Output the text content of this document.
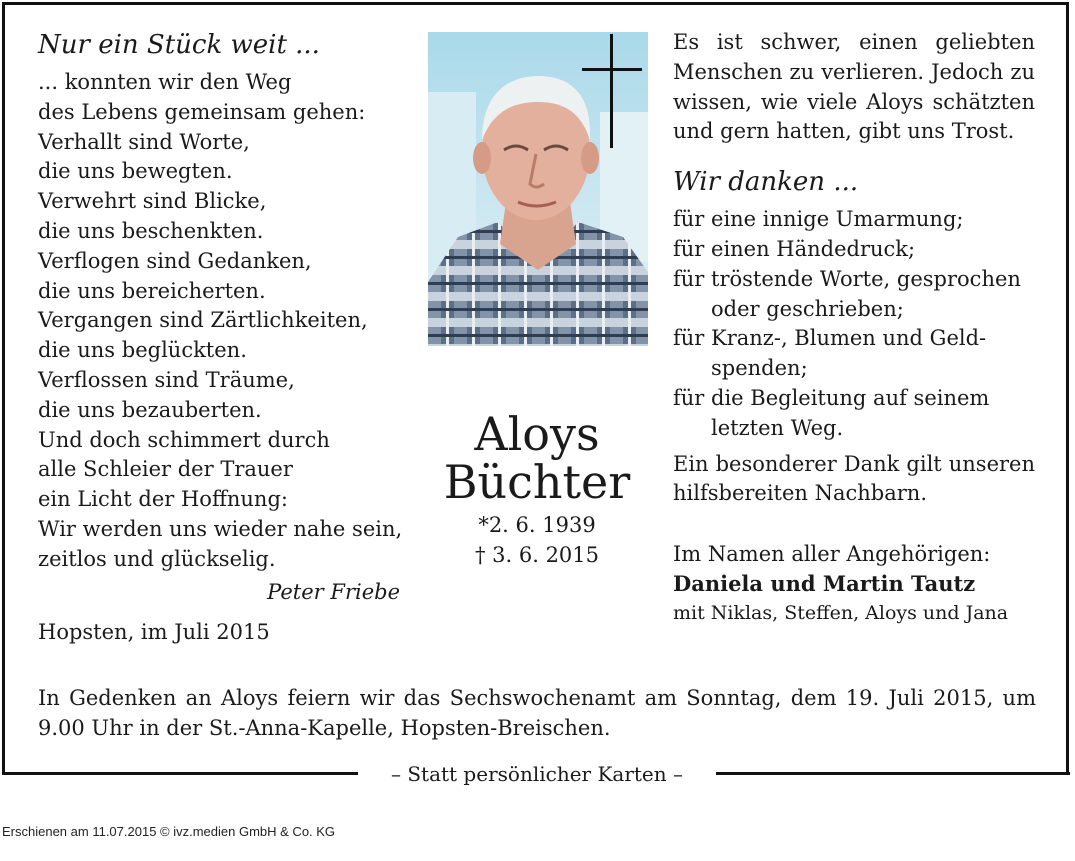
Nur ein Stück weit ...
... konnten wir den Weg
des Lebens gemeinsam gehen:
Verhallt sind Worte,
die uns bewegten.
Verwehrt sind Blicke,
die uns beschenkten.
Verflogen sind Gedanken,
die uns bereicherten.
Vergangen sind Zärtlichkeiten,
die uns beglückten.
Verflossen sind Träume,
die uns bezauberten.
Und doch schimmert durch
alle Schleier der Trauer
ein Licht der Hoffnung:
Wir werden uns wieder nahe sein,
zeitlos und glückselig.
Peter Friebe
Hopsten, im Juli 2015
Aloys
Büchter
*2. 6. 1939
† 3. 6. 2015

Es ist schwer, einen geliebten Menschen zu verlieren. Jedoch zu wissen, wie viele Aloys schätzten und gern hatten, gibt uns Trost.

Wir danken ...
für eine innige Umarmung;
für einen Händedruck;
für tröstende Worte, gesprochen oder geschrieben;
für Kranz-, Blumen und Geld- spenden;
für die Begleitung auf seinem letzten Weg.
Ein besonderer Dank gilt unseren hilfsbereiten Nachbarn.
Im Namen aller Angehörigen:
Daniela und Martin Tautz
mit Niklas, Steffen, Aloys und Jana
In Gedenken an Aloys feiern wir das Sechswochenamt am Sonntag, dem 19. Juli 2015, um 9.00 Uhr in der St.-Anna-Kapelle, Hopsten-Breischen.
– Statt persönlicher Karten –
Erschienen am 11.07.2015 © ivz.medien GmbH & Co. KG
